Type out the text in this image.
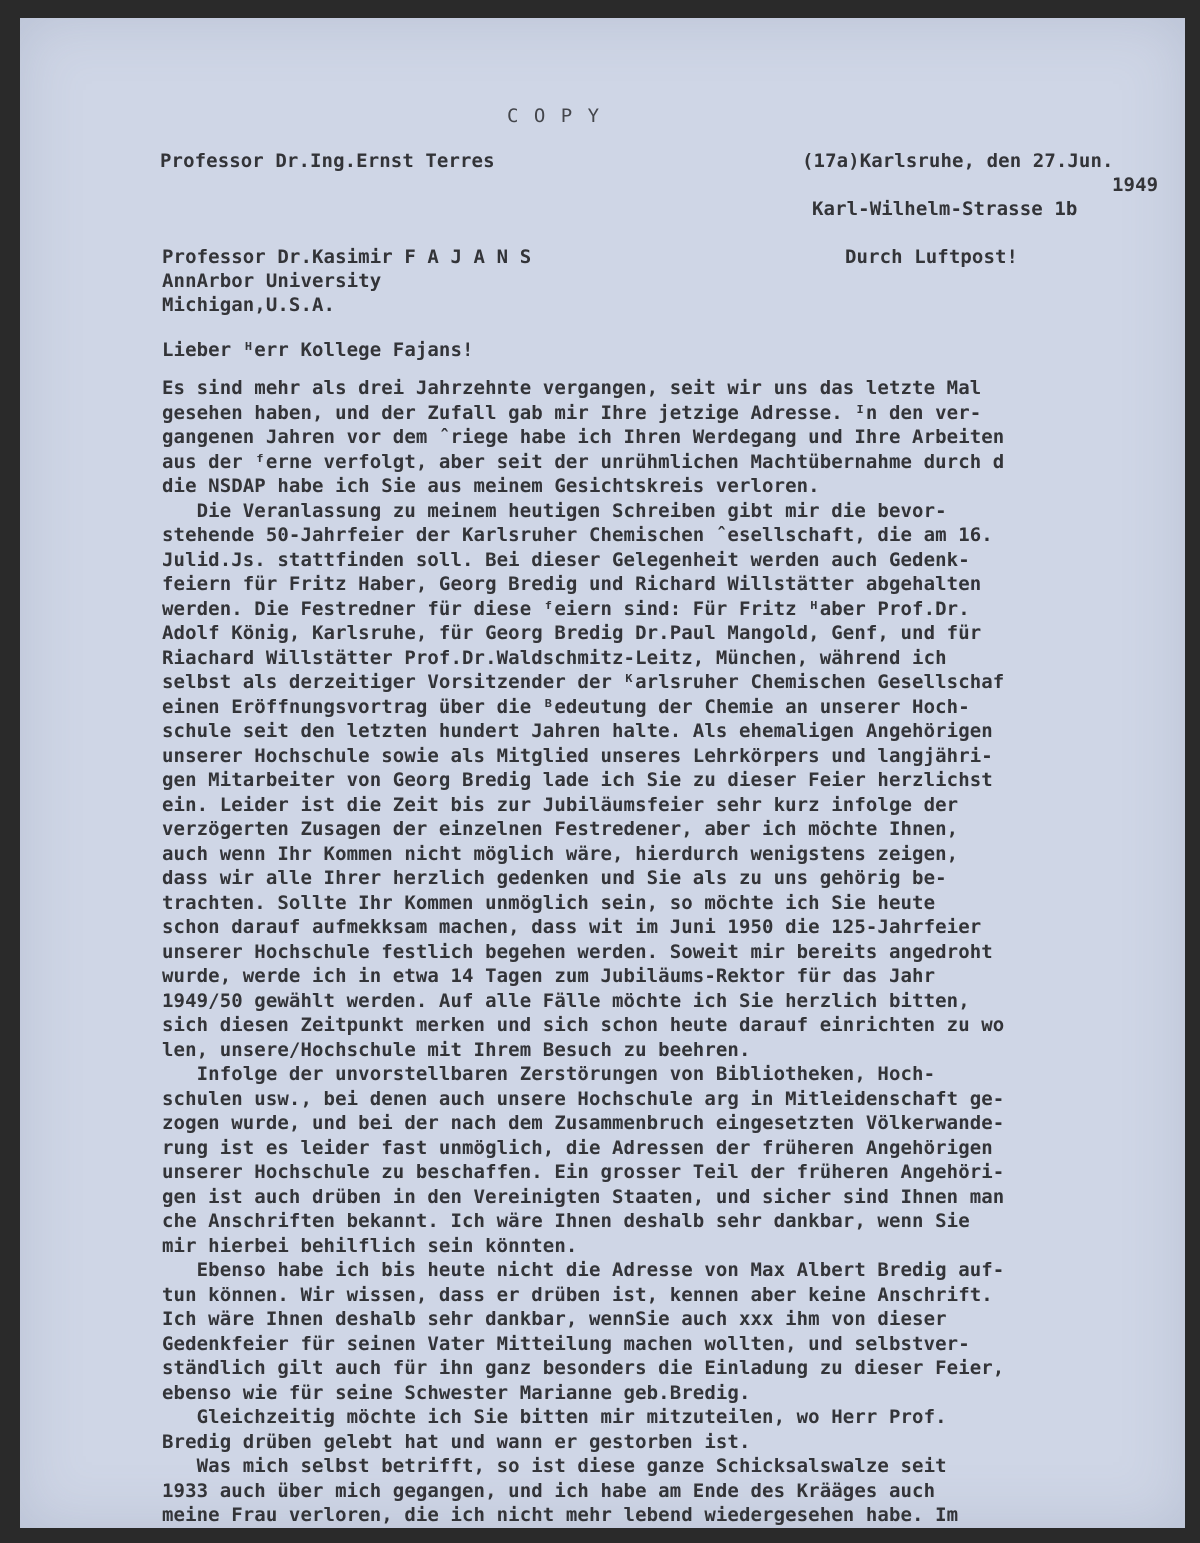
C O P Y
Professor Dr.Ing.Ernst Terres	(17a)Karlsruhe, den 27.Jun.
1949
Karl-Wilhelm-Strasse 1b
Professor Dr.Kasimir F A J A N S	Durch Luftpost!
AnnArbor University
Michigan,U.S.A.
Lieber ᴴerr Kollege Fajans!
Es sind mehr als drei Jahrzehnte vergangen, seit wir uns das letzte Mal
gesehen haben, und der Zufall gab mir Ihre jetzige Adresse. ᴵn den ver-
gangenen Jahren vor dem ˆriege habe ich Ihren Werdegang und Ihre Arbeiten
aus der ᶠerne verfolgt, aber seit der unrühmlichen Machtübernahme durch d
die NSDAP habe ich Sie aus meinem Gesichtskreis verloren.
Die Veranlassung zu meinem heutigen Schreiben gibt mir die bevor-
stehende 50-Jahrfeier der Karlsruher Chemischen ˆesellschaft, die am 16.
Julid.Js. stattfinden soll. Bei dieser Gelegenheit werden auch Gedenk-
feiern für Fritz Haber, Georg Bredig und Richard Willstätter abgehalten
werden. Die Festredner für diese ᶠeiern sind: Für Fritz ᴴaber Prof.Dr.
Adolf König, Karlsruhe, für Georg Bredig Dr.Paul Mangold, Genf, und für
Riachard Willstätter Prof.Dr.Waldschmitz-Leitz, München, während ich
selbst als derzeitiger Vorsitzender der ᴷarlsruher Chemischen Gesellschaf
einen Eröffnungsvortrag über die ᴮedeutung der Chemie an unserer Hoch-
schule seit den letzten hundert Jahren halte. Als ehemaligen Angehörigen
unserer Hochschule sowie als Mitglied unseres Lehrkörpers und langjähri-
gen Mitarbeiter von Georg Bredig lade ich Sie zu dieser Feier herzlichst
ein. Leider ist die Zeit bis zur Jubiläumsfeier sehr kurz infolge der
verzögerten Zusagen der einzelnen Festredener, aber ich möchte Ihnen,
auch wenn Ihr Kommen nicht möglich wäre, hierdurch wenigstens zeigen,
dass wir alle Ihrer herzlich gedenken und Sie als zu uns gehörig be-
trachten. Sollte Ihr Kommen unmöglich sein, so möchte ich Sie heute
schon darauf aufmekksam machen, dass wit im Juni 1950 die 125-Jahrfeier
unserer Hochschule festlich begehen werden. Soweit mir bereits angedroht
wurde, werde ich in etwa 14 Tagen zum Jubiläums-Rektor für das Jahr
1949/50 gewählt werden. Auf alle Fälle möchte ich Sie herzlich bitten,
sich diesen Zeitpunkt merken und sich schon heute darauf einrichten zu wo
len, unsere/Hochschule mit Ihrem Besuch zu beehren.
Infolge der unvorstellbaren Zerstörungen von Bibliotheken, Hoch-
schulen usw., bei denen auch unsere Hochschule arg in Mitleidenschaft ge-
zogen wurde, und bei der nach dem Zusammenbruch eingesetzten Völkerwande-
rung ist es leider fast unmöglich, die Adressen der früheren Angehörigen
unserer Hochschule zu beschaffen. Ein grosser Teil der früheren Angehöri-
gen ist auch drüben in den Vereinigten Staaten, und sicher sind Ihnen man
che Anschriften bekannt. Ich wäre Ihnen deshalb sehr dankbar, wenn Sie
mir hierbei behilflich sein könnten.
Ebenso habe ich bis heute nicht die Adresse von Max Albert Bredig auf-
tun können. Wir wissen, dass er drüben ist, kennen aber keine Anschrift.
Ich wäre Ihnen deshalb sehr dankbar, wennSie auch xxx ihm von dieser
Gedenkfeier für seinen Vater Mitteilung machen wollten, und selbstver-
ständlich gilt auch für ihn ganz besonders die Einladung zu dieser Feier,
ebenso wie für seine Schwester Marianne geb.Bredig.
Gleichzeitig möchte ich Sie bitten mir mitzuteilen, wo Herr Prof.
Bredig drüben gelebt hat und wann er gestorben ist.
Was mich selbst betrifft, so ist diese ganze Schicksalswalze seit
1933 auch über mich gegangen, und ich habe am Ende des Krääges auch
meine Frau verloren, die ich nicht mehr lebend wiedergesehen habe. Im
